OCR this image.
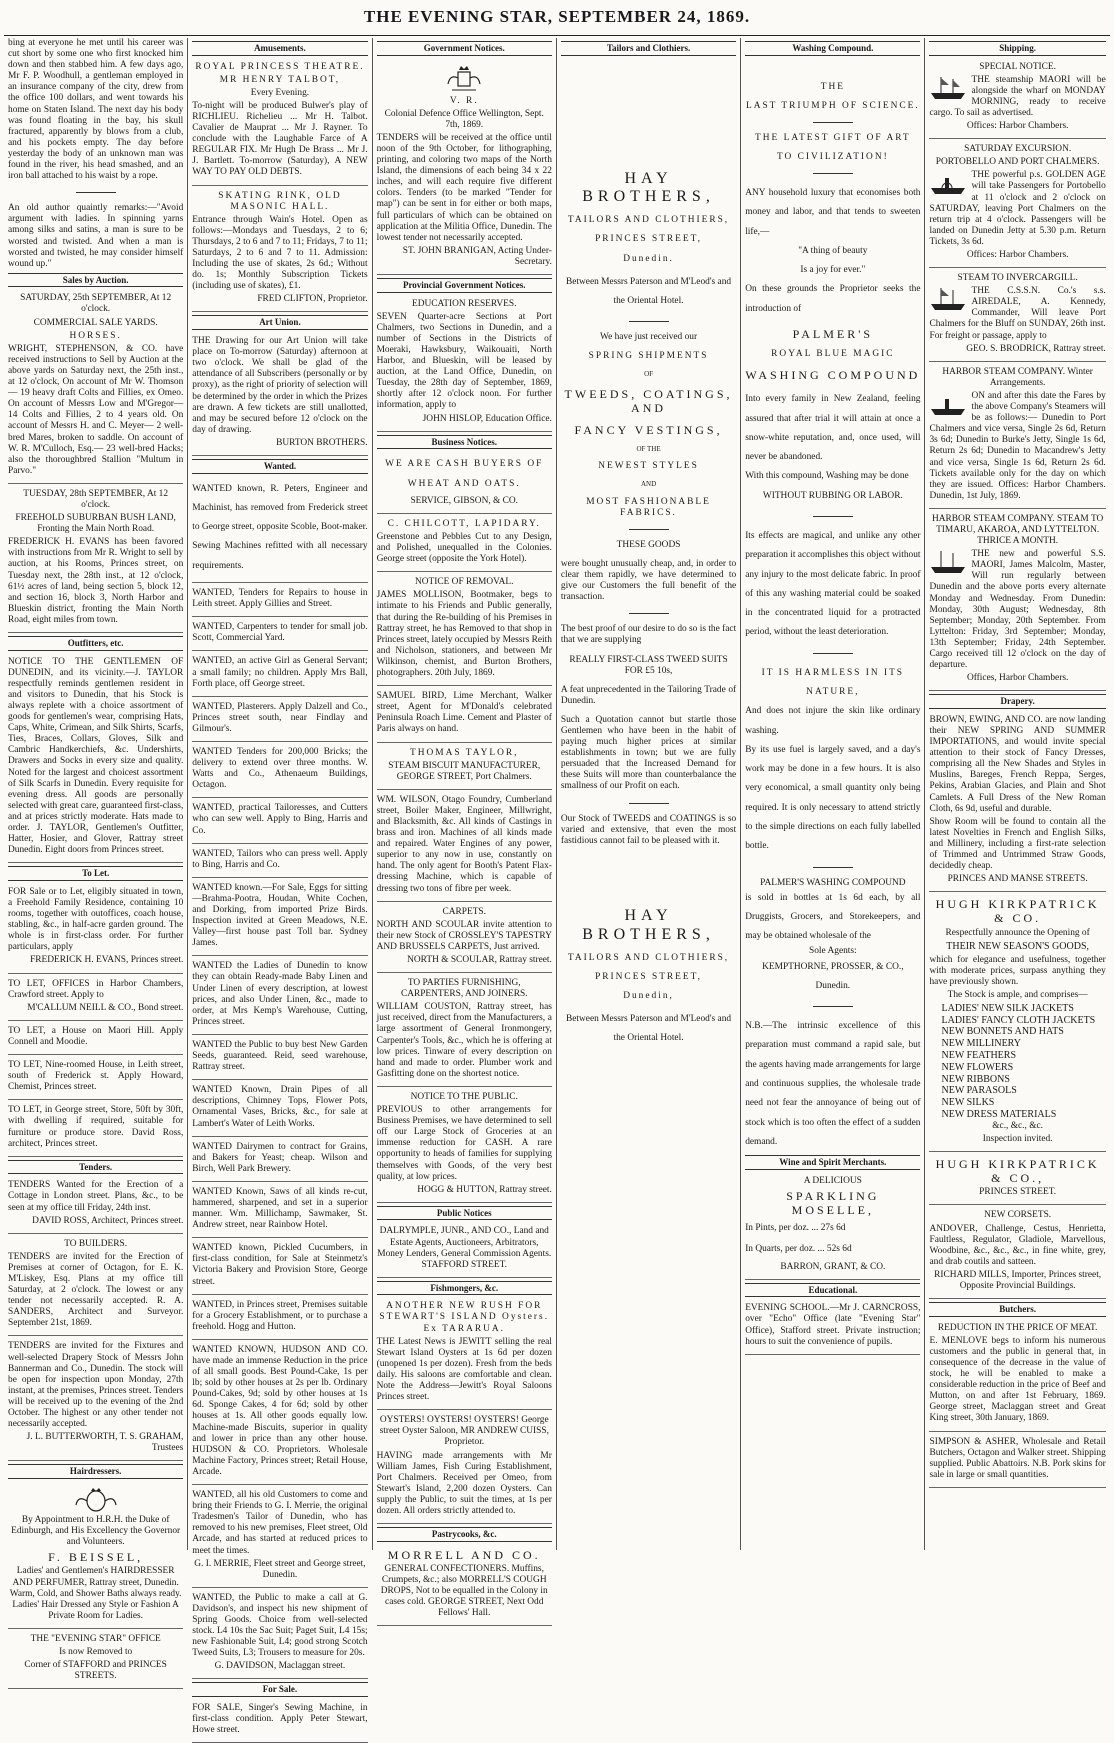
THE EVENING STAR, SEPTEMBER 24, 1869.

bing at everyone he met until his career was cut short by some one who first knocked him down and then stabbed him. A few days ago, Mr F. P. Woodhull, a gentleman employed in an insurance company of the city, drew from the office 100 dollars, and went towards his home on Staten Island. The next day his body was found floating in the bay, his skull fractured, apparently by blows from a club, and his pockets empty. The day before yesterday the body of an unknown man was found in the river, his head smashed, and an iron ball attached to his waist by a rope.

An old author quaintly remarks:—"Avoid argument with ladies. In spinning yarns among silks and satins, a man is sure to be worsted and twisted. And when a man is worsted and twisted, he may consider himself wound up."

Sales by Auction.

SATURDAY, 25th SEPTEMBER, At 12 o'clock.

COMMERCIAL SALE YARDS.

HORSES.

WRIGHT, STEPHENSON, & CO. have received instructions to Sell by Auction at the above yards on Saturday next, the 25th inst., at 12 o'clock, On account of Mr W. Thomson— 19 heavy draft Colts and Fillies, ex Omeo. On account of Messrs Low and M'Gregor— 14 Colts and Fillies, 2 to 4 years old. On account of Messrs H. and C. Meyer— 2 well-bred Mares, broken to saddle. On account of W. R. M'Culloch, Esq.— 23 well-bred Hacks; also the thoroughbred Stallion "Multum in Parvo."

TUESDAY, 28th SEPTEMBER, At 12 o'clock.

FREEHOLD SUBURBAN BUSH LAND, Fronting the Main North Road.

FREDERICK H. EVANS has been favored with instructions from Mr R. Wright to sell by auction, at his Rooms, Princes street, on Tuesday next, the 28th inst., at 12 o'clock, 61½ acres of land, being section 5, block 12, and section 16, block 3, North Harbor and Blueskin district, fronting the Main North Road, eight miles from town.

Outfitters, etc.

NOTICE TO THE GENTLEMEN OF DUNEDIN, and its vicinity.—J. TAYLOR respectfully reminds gentlemen resident in and visitors to Dunedin, that his Stock is always replete with a choice assortment of goods for gentlemen's wear, comprising Hats, Caps, White, Crimean, and Silk Shirts, Scarfs, Ties, Braces, Collars, Gloves, Silk and Cambric Handkerchiefs, &c. Undershirts, Drawers and Socks in every size and quality. Noted for the largest and choicest assortment of Silk Scarfs in Dunedin. Every requisite for evening dress. All goods are personally selected with great care, guaranteed first-class, and at prices strictly moderate. Hats made to order. J. TAYLOR, Gentlemen's Outfitter, Hatter, Hosier, and Glover, Rattray street Dunedin. Eight doors from Princes street.

To Let.

FOR Sale or to Let, eligibly situated in town, a Freehold Family Residence, containing 10 rooms, together with outoffices, coach house, stabling, &c., in half-acre garden ground. The whole is in first-class order. For further particulars, apply

FREDERICK H. EVANS, Princes street.

TO LET, OFFICES in Harbor Chambers, Crawford street. Apply to

M'CALLUM NEILL & CO., Bond street.

TO LET, a House on Maori Hill. Apply Connell and Moodie.

TO LET, Nine-roomed House, in Leith street, south of Frederick st. Apply Howard, Chemist, Princes street.

TO LET, in George street, Store, 50ft by 30ft, with dwelling if required, suitable for furniture or produce store. David Ross, architect, Princes street.

Tenders.

TENDERS Wanted for the Erection of a Cottage in London street. Plans, &c., to be seen at my office till Friday, 24th inst.

DAVID ROSS, Architect, Princes street.

TO BUILDERS.

TENDERS are invited for the Erection of Premises at corner of Octagon, for E. K. M'Liskey, Esq. Plans at my office till Saturday, at 2 o'clock. The lowest or any tender not necessarily accepted. R. A. SANDERS, Architect and Surveyor. September 21st, 1869.

TENDERS are invited for the Fixtures and well-selected Drapery Stock of Messrs John Bannerman and Co., Dunedin. The stock will be open for inspection upon Monday, 27th instant, at the premises, Princes street. Tenders will be received up to the evening of the 2nd October. The highest or any other tender not necessarily accepted.

J. L. BUTTERWORTH, T. S. GRAHAM, Trustees

Hairdressers.

By Appointment to H.R.H. the Duke of Edinburgh, and His Excellency the Governor and Volunteers.

F. BEISSEL,

Ladies' and Gentlemen's HAIRDRESSER AND PERFUMER, Rattray street, Dunedin. Warm, Cold, and Shower Baths always ready. Ladies' Hair Dressed any Style or Fashion A Private Room for Ladies.

THE "EVENING STAR" OFFICE

Is now Removed to

Corner of STAFFORD and PRINCES STREETS.

Amusements.

ROYAL PRINCESS THEATRE.

MR HENRY TALBOT,

Every Evening.

To-night will be produced Bulwer's play of RICHLIEU. Richelieu ... Mr H. Talbot. Cavalier de Mauprat ... Mr J. Rayner. To conclude with the Laughable Farce of A REGULAR FIX. Mr Hugh De Brass ... Mr J. J. Bartlett. To-morrow (Saturday), A NEW WAY TO PAY OLD DEBTS.

SKATING RINK, OLD MASONIC HALL.

Entrance through Wain's Hotel. Open as follows:—Mondays and Tuesdays, 2 to 6; Thursdays, 2 to 6 and 7 to 11; Fridays, 7 to 11; Saturdays, 2 to 6 and 7 to 11. Admission: Including the use of skates, 2s 6d.; Without do. 1s; Monthly Subscription Tickets (including use of skates), £1.

FRED CLIFTON, Proprietor.

Art Union.

THE Drawing for our Art Union will take place on To-morrow (Saturday) afternoon at two o'clock. We shall be glad of the attendance of all Subscribers (personally or by proxy), as the right of priority of selection will be determined by the order in which the Prizes are drawn. A few tickets are still unallotted, and may be secured before 12 o'clock on the day of drawing.

BURTON BROTHERS.

Wanted.

WANTED known, R. Peters, Engineer and Machinist, has removed from Frederick street to George street, opposite Scoble, Boot-maker. Sewing Machines refitted with all necessary requirements.

WANTED, Tenders for Repairs to house in Leith street. Apply Gillies and Street.

WANTED, Carpenters to tender for small job. Scott, Commercial Yard.

WANTED, an active Girl as General Servant; a small family; no children. Apply Mrs Ball, Forth place, off George street.

WANTED, Plasterers. Apply Dalzell and Co., Princes street south, near Findlay and Gilmour's.

WANTED Tenders for 200,000 Bricks; the delivery to extend over three months. W. Watts and Co., Athenaeum Buildings, Octagon.

WANTED, practical Tailoresses, and Cutters who can sew well. Apply to Bing, Harris and Co.

WANTED, Tailors who can press well. Apply to Bing, Harris and Co.

WANTED known.—For Sale, Eggs for sitting—Brahma-Pootra, Houdan, White Cochen, and Dorking, from imported Prize Birds. Inspection invited at Green Meadows, N.E. Valley—first house past Toll bar. Sydney James.

WANTED the Ladies of Dunedin to know they can obtain Ready-made Baby Linen and Under Linen of every description, at lowest prices, and also Under Linen, &c., made to order, at Mrs Kemp's Warehouse, Cutting, Princes street.

WANTED the Public to buy best New Garden Seeds, guaranteed. Reid, seed warehouse, Rattray street.

WANTED Known, Drain Pipes of all descriptions, Chimney Tops, Flower Pots, Ornamental Vases, Bricks, &c., for sale at Lambert's Water of Leith Works.

WANTED Dairymen to contract for Grains, and Bakers for Yeast; cheap. Wilson and Birch, Well Park Brewery.

WANTED Known, Saws of all kinds re-cut, hammered, sharpened, and set in a superior manner. Wm. Millichamp, Sawmaker, St. Andrew street, near Rainbow Hotel.

WANTED known, Pickled Cucumbers, in first-class condition, for Sale at Steinmetz's Victoria Bakery and Provision Store, George street.

WANTED, in Princes street, Premises suitable for a Grocery Establishment, or to purchase a freehold. Hogg and Hutton.

WANTED KNOWN, HUDSON AND CO. have made an immense Reduction in the price of all small goods. Best Pound-Cake, 1s per lb; sold by other houses at 2s per lb. Ordinary Pound-Cakes, 9d; sold by other houses at 1s 6d. Sponge Cakes, 4 for 6d; sold by other houses at 1s. All other goods equally low. Machine-made Biscuits, superior in quality and lower in price than any other house. HUDSON & CO. Proprietors. Wholesale Machine Factory, Princes street; Retail House, Arcade.

WANTED, all his old Customers to come and bring their Friends to G. I. Merrie, the original Tradesmen's Tailor of Dunedin, who has removed to his new premises, Fleet street, Old Arcade, and has started at reduced prices to meet the times.

G. I. MERRIE, Fleet street and George street, Dunedin.

WANTED, the Public to make a call at G. Davidson's, and inspect his new shipment of Spring Goods. Choice from well-selected stock. L4 10s the Sac Suit; Paget Suit, L4 15s; new Fashionable Suit, L4; good strong Scotch Tweed Suits, L3; Trousers to measure for 20s.

G. DAVIDSON, Maclaggan street.

For Sale.

FOR SALE, Singer's Sewing Machine, in first-class condition. Apply Peter Stewart, Howe street.

Government Notices.

V. R.

Colonial Defence Office Wellington, Sept. 7th, 1869.

TENDERS will be received at the office until noon of the 9th October, for lithographing, printing, and coloring two maps of the North Island, the dimensions of each being 34 x 22 inches, and will each require five different colors. Tenders (to be marked "Tender for map") can be sent in for either or both maps, full particulars of which can be obtained on application at the Militia Office, Dunedin. The lowest tender not necessarily accepted.

ST. JOHN BRANIGAN, Acting Under-Secretary.

Provincial Government Notices.

EDUCATION RESERVES.

SEVEN Quarter-acre Sections at Port Chalmers, two Sections in Dunedin, and a number of Sections in the Districts of Moeraki, Hawksbury, Waikouaiti, North Harbor, and Blueskin, will be leased by auction, at the Land Office, Dunedin, on Tuesday, the 28th day of September, 1869, shortly after 12 o'clock noon. For further information, apply to

JOHN HISLOP, Education Office.

Business Notices.

WE ARE CASH BUYERS OF WHEAT AND OATS.

SERVICE, GIBSON, & CO.

C. CHILCOTT, LAPIDARY.

Greenstone and Pebbles Cut to any Design, and Polished, unequalled in the Colonies. George street (opposite the York Hotel).

NOTICE OF REMOVAL.

JAMES MOLLISON, Bootmaker, begs to intimate to his Friends and Public generally, that during the Re-building of his Premises in Rattray street, he has Removed to that shop in Princes street, lately occupied by Messrs Reith and Nicholson, stationers, and between Mr Wilkinson, chemist, and Burton Brothers, photographers. 20th July, 1869.

SAMUEL BIRD, Lime Merchant, Walker street, Agent for M'Donald's celebrated Peninsula Roach Lime. Cement and Plaster of Paris always on hand.

THOMAS TAYLOR,

STEAM BISCUIT MANUFACTURER, GEORGE STREET, Port Chalmers.

WM. WILSON, Otago Foundry, Cumberland street, Boiler Maker, Engineer, Millwright, and Blacksmith, &c. All kinds of Castings in brass and iron. Machines of all kinds made and repaired. Water Engines of any power, superior to any now in use, constantly on hand. The only agent for Booth's Patent Flax-dressing Machine, which is capable of dressing two tons of fibre per week.

CARPETS.

NORTH AND SCOULAR invite attention to their new Stock of CROSSLEY'S TAPESTRY AND BRUSSELS CARPETS, Just arrived.

NORTH & SCOULAR, Rattray street.

TO PARTIES FURNISHING, CARPENTERS, AND JOINERS.

WILLIAM COUSTON, Rattray street, has just received, direct from the Manufacturers, a large assortment of General Ironmongery, Carpenter's Tools, &c., which he is offering at low prices. Tinware of every description on hand and made to order. Plumber work and Gasfitting done on the shortest notice.

NOTICE TO THE PUBLIC.

PREVIOUS to other arrangements for Business Premises, we have determined to sell off our Large Stock of Groceries at an immense reduction for CASH. A rare opportunity to heads of families for supplying themselves with Goods, of the very best quality, at low prices.

HOGG & HUTTON, Rattray street.

Public Notices

DALRYMPLE, JUNR., AND CO., Land and Estate Agents, Auctioneers, Arbitrators, Money Lenders, General Commission Agents. STAFFORD STREET.

Fishmongers, &c.

ANOTHER NEW RUSH FOR STEWART'S ISLAND Oysters. Ex TARARUA.

THE Latest News is JEWITT selling the real Stewart Island Oysters at 1s 6d per dozen (unopened 1s per dozen). Fresh from the beds daily. His saloons are comfortable and clean. Note the Address—Jewitt's Royal Saloons Princes street.

OYSTERS! OYSTERS! OYSTERS! George street Oyster Saloon, MR ANDREW CUISS, Proprietor.

HAVING made arrangements with Mr William James, Fish Curing Establishment, Port Chalmers. Received per Omeo, from Stewart's Island, 2,200 dozen Oysters. Can supply the Public, to suit the times, at 1s per dozen. All orders strictly attended to.

Pastrycooks, &c.

MORRELL AND CO.

GENERAL CONFECTIONERS. Muffins, Crumpets, &c.; also MORRELL'S COUGH DROPS, Not to be equalled in the Colony in cases cold. GEORGE STREET, Next Odd Fellows' Hall.

Tailors and Clothiers.

HAY BROTHERS,

TAILORS AND CLOTHIERS,

PRINCES STREET,

Dunedin.

Between Messrs Paterson and M'Leod's and the Oriental Hotel.

We have just received our

SPRING SHIPMENTS

OF

TWEEDS, COATINGS, AND

FANCY VESTINGS,

OF THE

NEWEST STYLES

AND

MOST FASHIONABLE FABRICS.

THESE GOODS

were bought unusually cheap, and, in order to clear them rapidly, we have determined to give our Customers the full benefit of the transaction.

The best proof of our desire to do so is the fact that we are supplying

REALLY FIRST-CLASS TWEED SUITS FOR £5 10s,

A feat unprecedented in the Tailoring Trade of Dunedin.

Such a Quotation cannot but startle those Gentlemen who have been in the habit of paying much higher prices at similar establishments in town; but we are fully persuaded that the Increased Demand for these Suits will more than counterbalance the smallness of our Profit on each.

Our Stock of TWEEDS and COATINGS is so varied and extensive, that even the most fastidious cannot fail to be pleased with it.

HAY BROTHERS,

TAILORS AND CLOTHIERS,

PRINCES STREET,

Dunedin,

Between Messrs Paterson and M'Leod's and the Oriental Hotel.

Washing Compound.

THE

LAST TRIUMPH OF SCIENCE.

THE LATEST GIFT OF ART

TO CIVILIZATION!

ANY household luxury that economises both money and labor, and that tends to sweeten life,—

"A thing of beauty

Is a joy for ever."

On these grounds the Proprietor seeks the introduction of

PALMER'S

ROYAL BLUE MAGIC

WASHING COMPOUND

Into every family in New Zealand, feeling assured that after trial it will attain at once a snow-white reputation, and, once used, will never be abandoned.

With this compound, Washing may be done

WITHOUT RUBBING OR LABOR.

Its effects are magical, and unlike any other preparation it accomplishes this object without any injury to the most delicate fabric. In proof of this any washing material could be soaked in the concentrated liquid for a protracted period, without the least deterioration.

IT IS HARMLESS IN ITS NATURE,

And does not injure the skin like ordinary washing.

By its use fuel is largely saved, and a day's work may be done in a few hours. It is also very economical, a small quantity only being required. It is only necessary to attend strictly to the simple directions on each fully labelled bottle.

PALMER'S WASHING COMPOUND

is sold in bottles at 1s 6d each, by all Druggists, Grocers, and Storekeepers, and may be obtained wholesale of the

Sole Agents:

KEMPTHORNE, PROSSER, & CO., Dunedin.

N.B.—The intrinsic excellence of this preparation must command a rapid sale, but the agents having made arrangements for large and continuous supplies, the wholesale trade need not fear the annoyance of being out of stock which is too often the effect of a sudden demand.

Wine and Spirit Merchants.

A DELICIOUS

SPARKLING MOSELLE,

In Pints, per doz. ... 27s 6d

In Quarts, per doz. ... 52s 6d

BARRON, GRANT, & CO.

Educational.

EVENING SCHOOL.—Mr J. CARNCROSS, over "Echo" Office (late "Evening Star" Office), Stafford street. Private instruction; hours to suit the convenience of pupils.

Shipping.

SPECIAL NOTICE.

THE steamship MAORI will be alongside the wharf on MONDAY MORNING, ready to receive cargo. To sail as advertised.

Offices: Harbor Chambers.

SATURDAY EXCURSION.

PORTOBELLO AND PORT CHALMERS.

THE powerful p.s. GOLDEN AGE will take Passengers for Portobello at 11 o'clock and 2 o'clock on SATURDAY, leaving Port Chalmers on the return trip at 4 o'clock. Passengers will be landed on Dunedin Jetty at 5.30 p.m. Return Tickets, 3s 6d.

Offices: Harbor Chambers.

STEAM TO INVERCARGILL.

THE C.S.S.N. Co.'s s.s. AIREDALE, A. Kennedy, Commander, Will leave Port Chalmers for the Bluff on SUNDAY, 26th inst. For freight or passage, apply to

GEO. S. BRODRICK, Rattray street.

HARBOR STEAM COMPANY. Winter Arrangements.

ON and after this date the Fares by the above Company's Steamers will be as follows:— Dunedin to Port Chalmers and vice versa, Single 2s 6d, Return 3s 6d; Dunedin to Burke's Jetty, Single 1s 6d, Return 2s 6d; Dunedin to Macandrew's Jetty and vice versa, Single 1s 6d, Return 2s 6d. Tickets available only for the day on which they are issued. Offices: Harbor Chambers. Dunedin, 1st July, 1869.

HARBOR STEAM COMPANY. STEAM TO TIMARU, AKAROA, AND LYTTELTON. THRICE A MONTH.

THE new and powerful S.S. MAORI, James Malcolm, Master, Will run regularly between Dunedin and the above ports every alternate Monday and Wednesday. From Dunedin: Monday, 30th August; Wednesday, 8th September; Monday, 20th September. From Lyttelton: Friday, 3rd September; Monday, 13th September; Friday, 24th September. Cargo received till 12 o'clock on the day of departure.

Offices, Harbor Chambers.

Drapery.

BROWN, EWING, AND CO. are now landing their NEW SPRING AND SUMMER IMPORTATIONS, and would invite special attention to their stock of Fancy Dresses, comprising all the New Shades and Styles in Muslins, Bareges, French Reppa, Serges, Pekins, Arabian Glacies, and Plain and Shot Camlets. A Full Dress of the New Roman Cloth, 6s 9d, useful and durable.

Show Room will be found to contain all the latest Novelties in French and English Silks, and Millinery, including a first-rate selection of Trimmed and Untrimmed Straw Goods, decidedly cheap.

PRINCES AND MANSE STREETS.

HUGH KIRKPATRICK & CO.

Respectfully announce the Opening of

THEIR NEW SEASON'S GOODS,

which for elegance and usefulness, together with moderate prices, surpass anything they have previously shown.

The Stock is ample, and comprises—

LADIES' NEW SILK JACKETS
LADIES' FANCY CLOTH JACKETS
NEW BONNETS AND HATS
NEW MILLINERY
NEW FEATHERS
NEW FLOWERS
NEW RIBBONS
NEW PARASOLS
NEW SILKS
NEW DRESS MATERIALS

&c., &c., &c.

Inspection invited.

HUGH KIRKPATRICK & CO.,

PRINCES STREET.

NEW CORSETS.

ANDOVER, Challenge, Cestus, Henrietta, Faultless, Regulator, Gladiole, Marvellous, Woodbine, &c., &c., &c., in fine white, grey, and drab coutils and satteen.

RICHARD MILLS, Importer, Princes street, Opposite Provincial Buildings.

Butchers.

REDUCTION IN THE PRICE OF MEAT.

E. MENLOVE begs to inform his numerous customers and the public in general that, in consequence of the decrease in the value of stock, he will be enabled to make a considerable reduction in the price of Beef and Mutton, on and after 1st February, 1869. George street, Maclaggan street and Great King street, 30th January, 1869.

SIMPSON & ASHER, Wholesale and Retail Butchers, Octagon and Walker street. Shipping supplied. Public Abattoirs. N.B. Pork skins for sale in large or small quantities.
